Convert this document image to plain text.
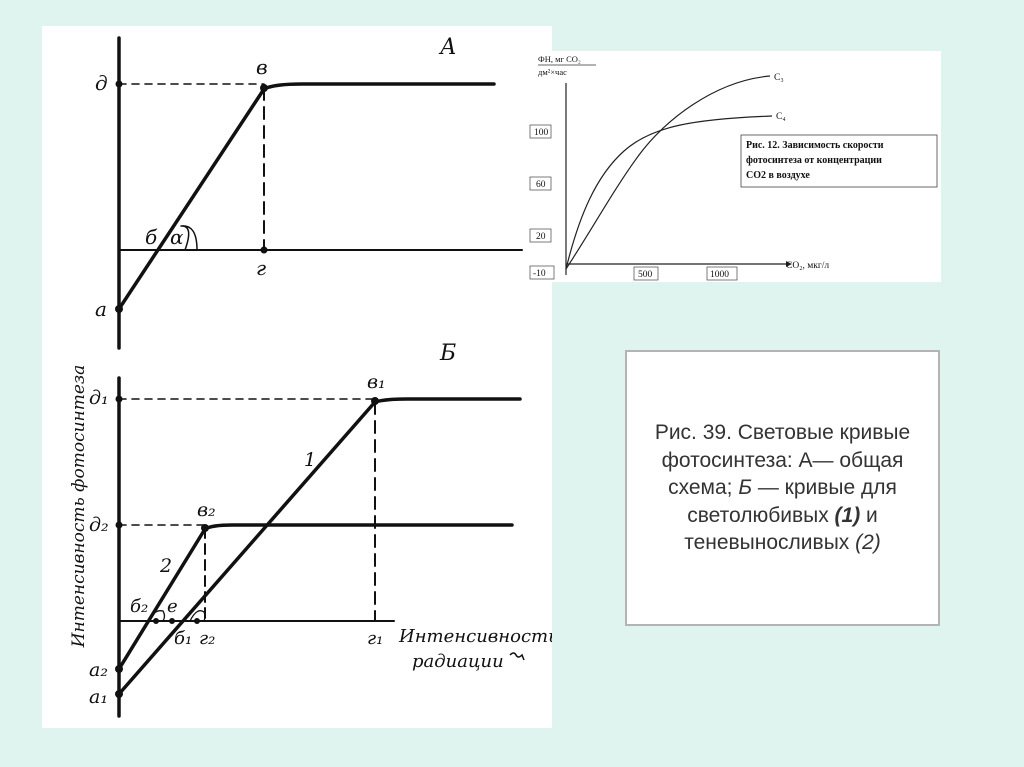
А
д
а
в
б α
г
Интенсивность фотосинтеза
Б
д₁
д₂
а₂
а₁
в₁
в₂
1
2
б₂ е
б₁ г₂	г₁ Интенсивность
радиации
ФН, мг CO₂
дм²×час
100
60
20
-10	500	1000
CO₂, мкг/л
C₃
C₄
Рис. 12. Зависимость скорости
фотосинтеза от концентрации
CO2 в воздухе
Рис. 39. Световые кривые фотосинтеза: А— общая схема; Б — кривые для светолюбивых (1) и теневыносливых (2)
